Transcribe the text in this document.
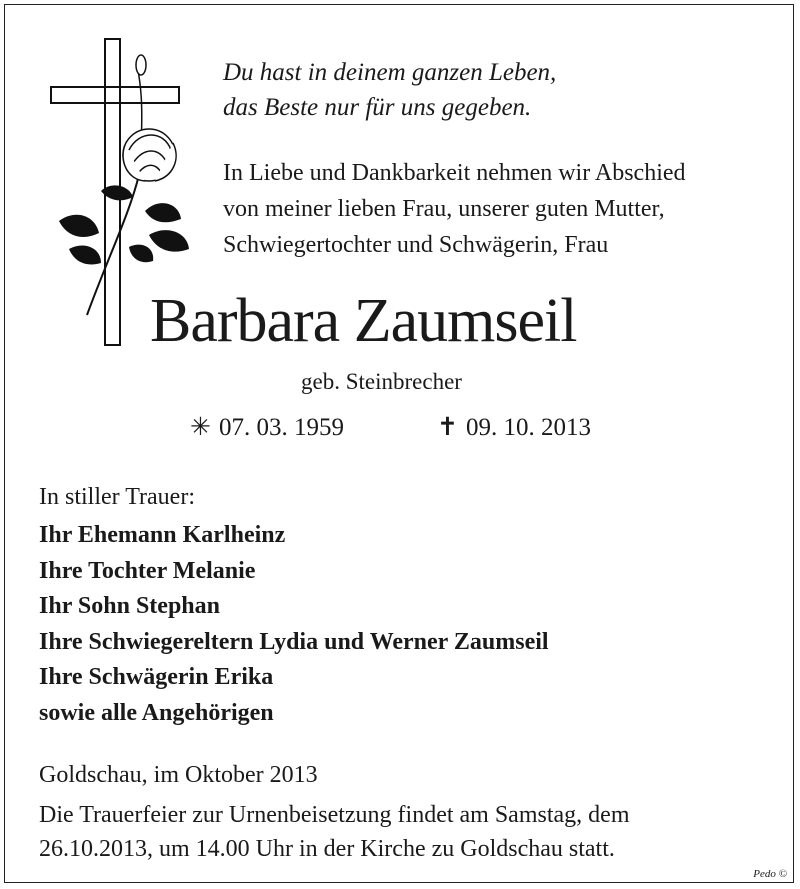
Du hast in deinem ganzen Leben,
das Beste nur für uns gegeben.
In Liebe und Dankbarkeit nehmen wir Abschied
von meiner lieben Frau, unserer guten Mutter,
Schwiegertochter und Schwägerin, Frau
Barbara Zaumseil
geb. Steinbrecher
✳ 07. 03. 1959	✝ 09. 10. 2013
In stiller Trauer:
Ihr Ehemann Karlheinz
Ihre Tochter Melanie
Ihr Sohn Stephan
Ihre Schwiegereltern Lydia und Werner Zaumseil
Ihre Schwägerin Erika
sowie alle Angehörigen
Goldschau, im Oktober 2013
Die Trauerfeier zur Urnenbeisetzung findet am Samstag, dem
26.10.2013, um 14.00 Uhr in der Kirche zu Goldschau statt.
Pedo ©
